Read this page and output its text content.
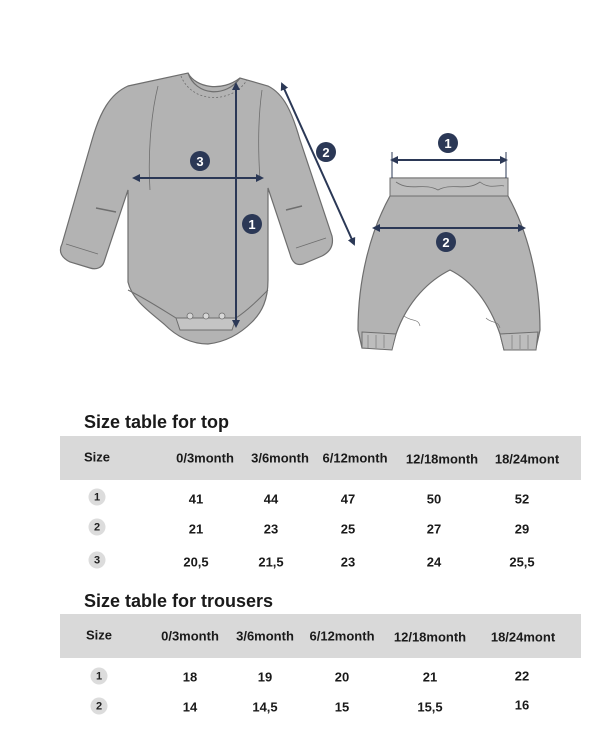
1
2
3
1
2
Size table for top
Size	0/3month 3/6month 6/12month 12/18month 18/24mont
1	41	44	47	50	52
2	21	23	25	27	29
3	20,5	21,5	23	24	25,5
Size table for trousers
Size	0/3month 3/6month 6/12month 12/18month 18/24mont
1	18	19	20	21	22
2	14	14,5	15	15,5	16
